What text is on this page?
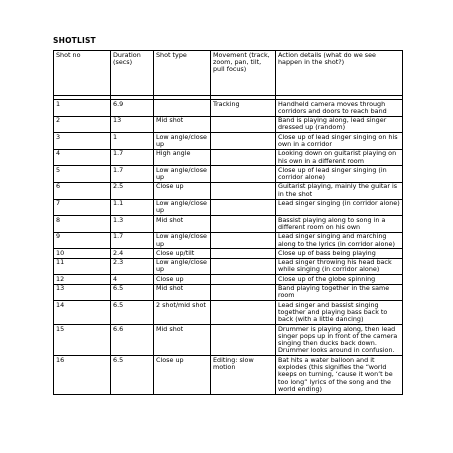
SHOTLIST
Shot no	Duration (secs)	Shot type	Movement (track, zoom, pan, tilt, pull focus)	Action details (what do we see happen in the shot?)

1	6.9		Tracking	Handheld camera moves through corridors and doors to reach band
2	13	Mid shot		Band is playing along, lead singer dressed up (random)
3	1	Low angle/close up		Close up of lead singer singing on his own in a corridor
4	1.7	High angle		Looking down on guitarist playing on his own in a different room
5	1.7	Low angle/close up		Close up of lead singer singing (in corridor alone)
6	2.5	Close up		Guitarist playing, mainly the guitar is in the shot
7	1.1	Low angle/close up		Lead singer singing (in corridor alone)
8	1.3	Mid shot		Bassist playing along to song in a different room on his own
9	1.7	Low angle/close up		Lead singer singing and marching along to the lyrics (in corridor alone)
10	2.4	Close up/tilt		Close up of bass being playing
11	2.3	Low angle/close up		Lead singer throwing his head back while singing (in corridor alone)
12	4	Close up		Close up of the globe spinning
13	6.5	Mid shot		Band playing together in the same room
14	6.5	2 shot/mid shot		Lead singer and bassist singing together and playing bass back to back (with a little dancing)
15	6.6	Mid shot		Drummer is playing along, then lead singer pops up in front of the camera singing then ducks back down. Drummer looks around in confusion.
16	6.5	Close up	Editing: slow motion	Bat hits a water balloon and it explodes (this signifies the “world keeps on turning, ‘cause it won’t be too long” lyrics of the song and the world ending)
